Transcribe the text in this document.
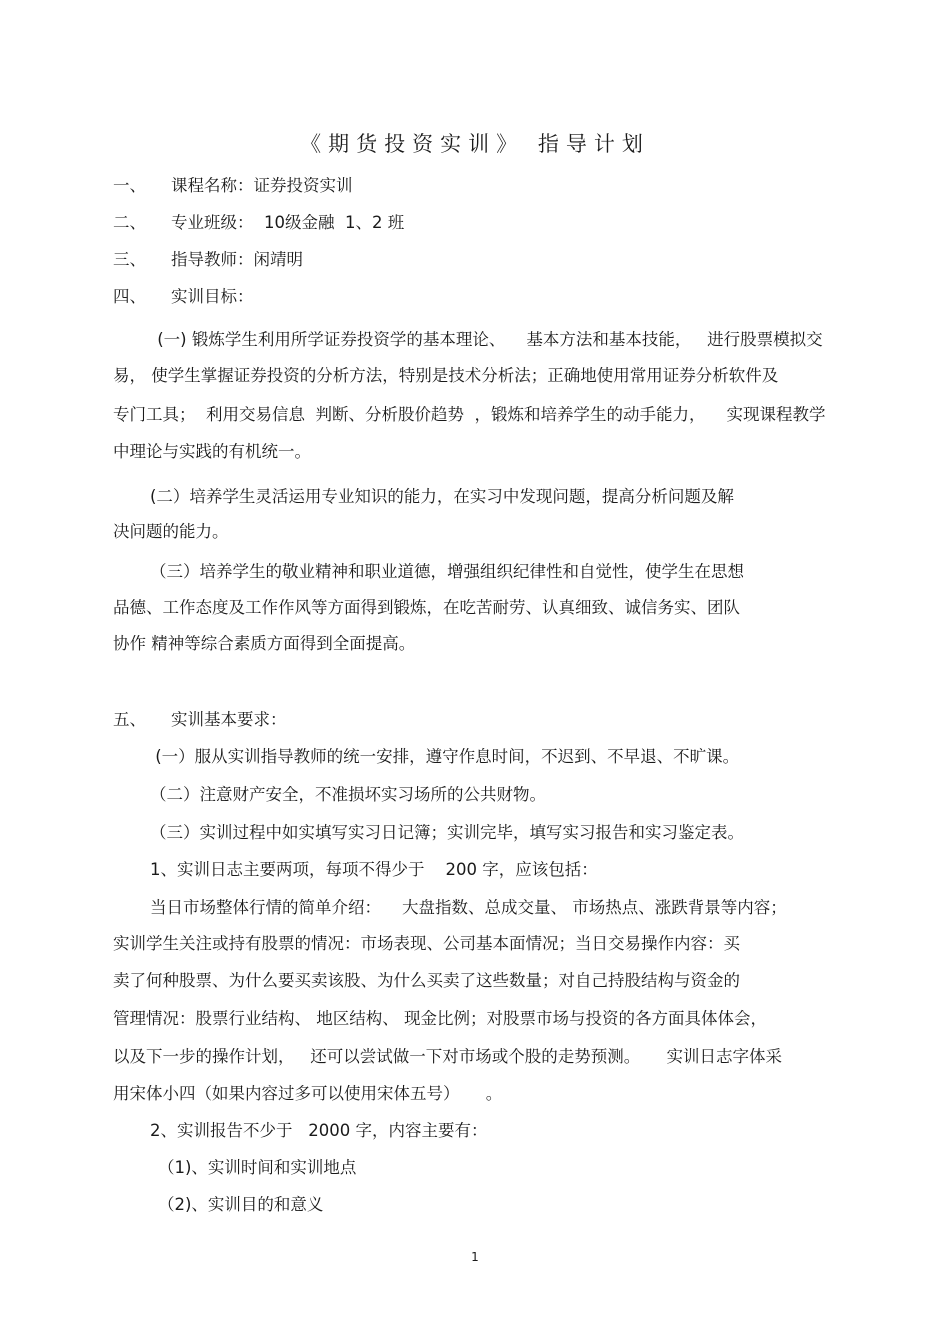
《期货投资实训》 指导计划
一、 课程名称：证券投资实训
二、 专业班级：  10级金融  1、2 班
三、 指导教师：闲靖明
四、 实训目标：
(一) 锻炼学生利用所学证券投资学的基本理论、    基本方法和基本技能，   进行股票模拟交
易， 使学生掌握证券投资的分析方法，特别是技术分析法；正确地使用常用证券分析软件及
专门工具；  利用交易信息  判断、分析股价趋势  ，锻炼和培养学生的动手能力，    实现课程教学
中理论与实践的有机统一。
(二）培养学生灵活运用专业知识的能力，在实习中发现问题，提高分析问题及解
决问题的能力。
（三）培养学生的敬业精神和职业道德，增强组织纪律性和自觉性，使学生在思想
品德、工作态度及工作作风等方面得到锻炼，在吃苦耐劳、认真细致、诚信务实、团队
协作 精神等综合素质方面得到全面提高。
五、 实训基本要求：
(一）服从实训指导教师的统一安排，遵守作息时间，不迟到、不早退、不旷课。
（二）注意财产安全，不准损坏实习场所的公共财物。
（三）实训过程中如实填写实习日记簿；实训完毕，填写实习报告和实习鉴定表。
1、实训日志主要两项，每项不得少于    200 字，应该包括：
当日市场整体行情的简单介绍：    大盘指数、总成交量、 市场热点、涨跌背景等内容；
实训学生关注或持有股票的情况：市场表现、公司基本面情况；当日交易操作内容：买
卖了何种股票、为什么要买卖该股、为什么买卖了这些数量；对自己持股结构与资金的
管理情况：股票行业结构、 地区结构、 现金比例；对股票市场与投资的各方面具体体会，
以及下一步的操作计划，   还可以尝试做一下对市场或个股的走势预测。     实训日志字体采
用宋体小四（如果内容过多可以使用宋体五号）     。
2、实训报告不少于   2000 字，内容主要有：
（1)、实训时间和实训地点
（2)、实训目的和意义
1
